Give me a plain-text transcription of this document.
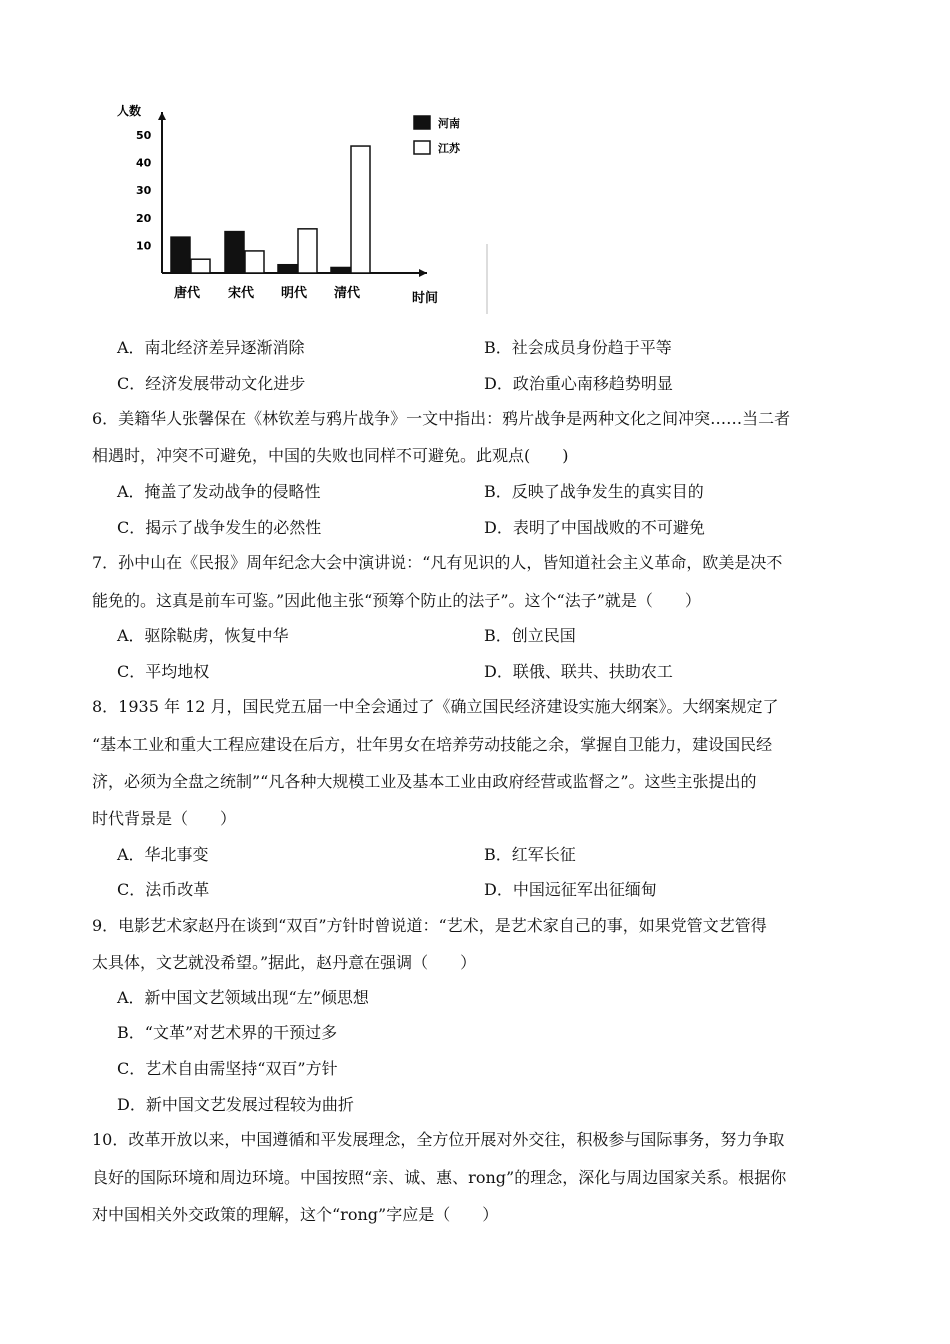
人数
10
20
30
40
50
唐代 宋代 明代 清代	时间
河南
江苏
A．南北经济差异逐渐消除	B．社会成员身份趋于平等
C．经济发展带动文化进步	D．政治重心南移趋势明显
6．美籍华人张馨保在《林钦差与鸦片战争》一文中指出：鸦片战争是两种文化之间冲突……当二者
相遇时，冲突不可避免，中国的失败也同样不可避免。此观点(　　)
A．掩盖了发动战争的侵略性	B．反映了战争发生的真实目的
C．揭示了战争发生的必然性	D．表明了中国战败的不可避免
7．孙中山在《民报》周年纪念大会中演讲说：“凡有见识的人，皆知道社会主义革命，欧美是决不
能免的。这真是前车可鉴。”因此他主张“预筹个防止的法子”。这个“法子”就是（　　）
A．驱除鞑虏，恢复中华	B．创立民国
C．平均地权	D．联俄、联共、扶助农工
8．1935 年 12 月，国民党五届一中全会通过了《确立国民经济建设实施大纲案》。大纲案规定了
“基本工业和重大工程应建设在后方，壮年男女在培养劳动技能之余，掌握自卫能力，建设国民经
济，必须为全盘之统制”“凡各种大规模工业及基本工业由政府经营或监督之”。这些主张提出的
时代背景是（　　）
A．华北事变	B．红军长征
C．法币改革	D．中国远征军出征缅甸
9．电影艺术家赵丹在谈到“双百”方针时曾说道：“艺术，是艺术家自己的事，如果党管文艺管得
太具体，文艺就没希望。”据此，赵丹意在强调（　　）
A．新中国文艺领域出现“左”倾思想
B．“文革”对艺术界的干预过多
C．艺术自由需坚持“双百”方针
D．新中国文艺发展过程较为曲折
10．改革开放以来，中国遵循和平发展理念，全方位开展对外交往，积极参与国际事务，努力争取
良好的国际环境和周边环境。中国按照“亲、诚、惠、rong”的理念，深化与周边国家关系。根据你
对中国相关外交政策的理解，这个“rong”字应是（　　）
